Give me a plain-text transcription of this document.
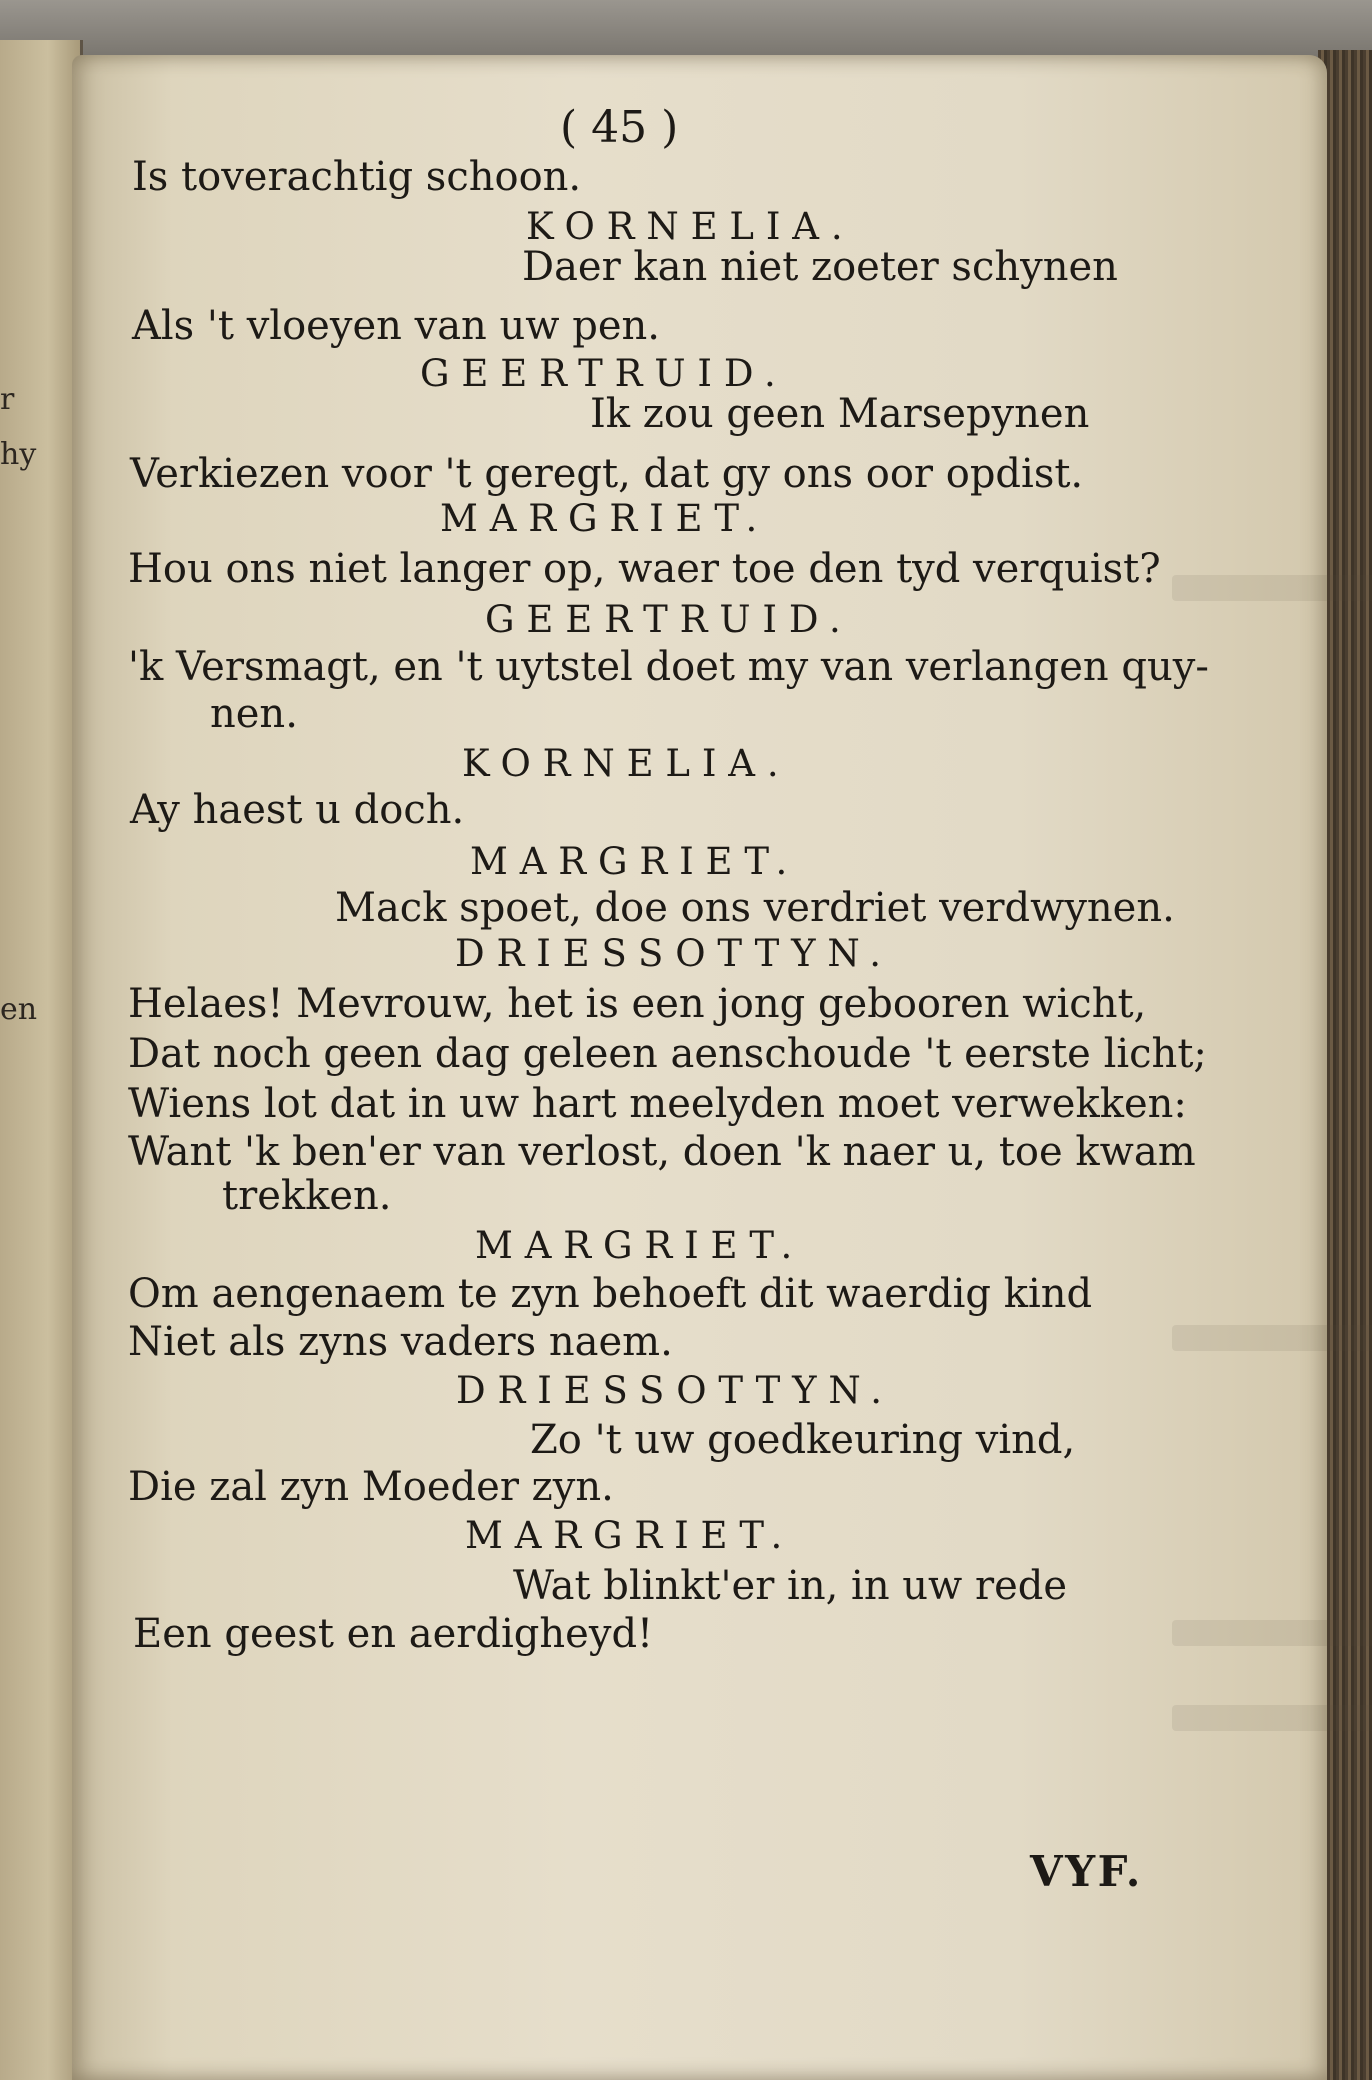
r
hy
en
( 45 )
Is toverachtig schoon.
KORNELIA.
Daer kan niet zoeter schynen
Als 't vloeyen van uw pen.
GEERTRUID.
Ik zou geen Marsepynen
Verkiezen voor 't geregt, dat gy ons oor opdist.
MARGRIET.
Hou ons niet langer op, waer toe den tyd verquist?
GEERTRUID.
'k Versmagt, en 't uytstel doet my van verlangen quy-
nen.
KORNELIA.
Ay haest u doch.
MARGRIET.
Mack spoet, doe ons verdriet verdwynen.
DRIESSOTTYN.
Helaes! Mevrouw, het is een jong gebooren wicht,
Dat noch geen dag geleen aenschoude 't eerste licht;
Wiens lot dat in uw hart meelyden moet verwekken:
Want 'k ben'er van verlost, doen 'k naer u, toe kwam
trekken.
MARGRIET.
Om aengenaem te zyn behoeft dit waerdig kind
Niet als zyns vaders naem.
DRIESSOTTYN.
Zo 't uw goedkeuring vind,
Die zal zyn Moeder zyn.
MARGRIET.
Wat blinkt'er in, in uw rede
Een geest en aerdigheyd!
VYF.
